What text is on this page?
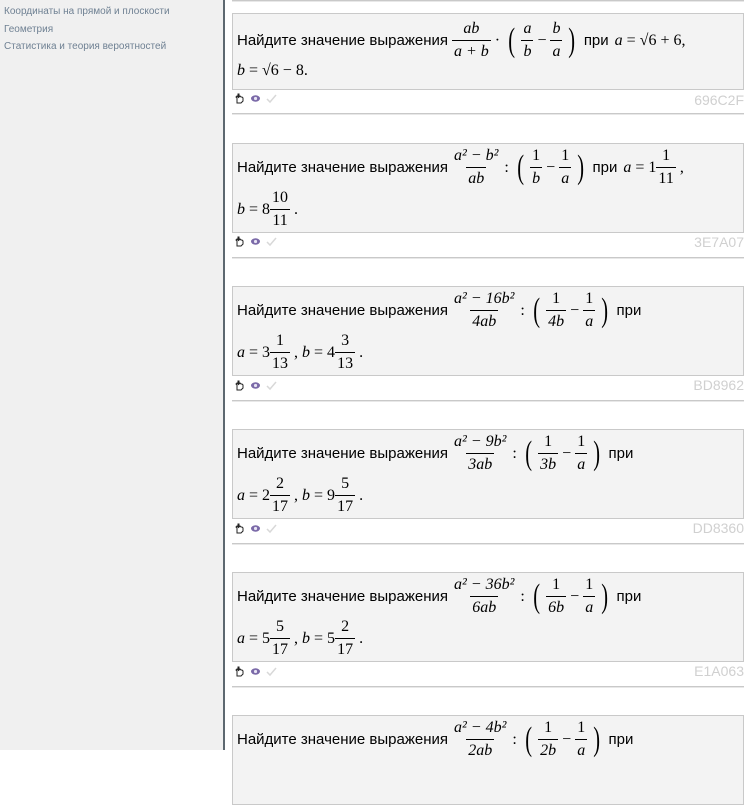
Координаты на прямой и плоскости
Геометрия
Статистика и теория вероятностей	Найдите значение выражения $\frac{ab}{a + b}$ · ( $\frac{a}{b} - \frac{b}{a}$ ) при a = √6 + 6,
b = √6 − 8.
696C2F
Найдите значение выражения $\frac{\text{a² − b²}}{ab}$ : ( $\frac{1}{b} - \frac{1}{a}$ ) при $a = 1 \frac{1}{11}$ ,
$b = 8 \frac{10}{11}$ .
3E7A07
Найдите значение выражения $\frac{\text{a² − 16b²}}{4ab}$ : ( $\frac{1}{4b} - \frac{1}{a}$ ) при
$a = 3 \frac{1}{13}$ , $b = 4 \frac{3}{13}$ .
BD8962
Найдите значение выражения $\frac{\text{a² − 9b²}}{3ab}$ : ( $\frac{1}{3b} - \frac{1}{a}$ ) при
$a = 2 \frac{2}{17}$ , $b = 9 \frac{5}{17}$ .
DD8360
Найдите значение выражения $\frac{\text{a² − 36b²}}{6ab}$ : ( $\frac{1}{6b} - \frac{1}{a}$ ) при
$a = 5 \frac{5}{17}$ , $b = 5 \frac{2}{17}$ .
E1A063
Найдите значение выражения $\frac{\text{a² − 4b²}}{2ab}$ : ( $\frac{1}{2b} - \frac{1}{a}$ ) при
